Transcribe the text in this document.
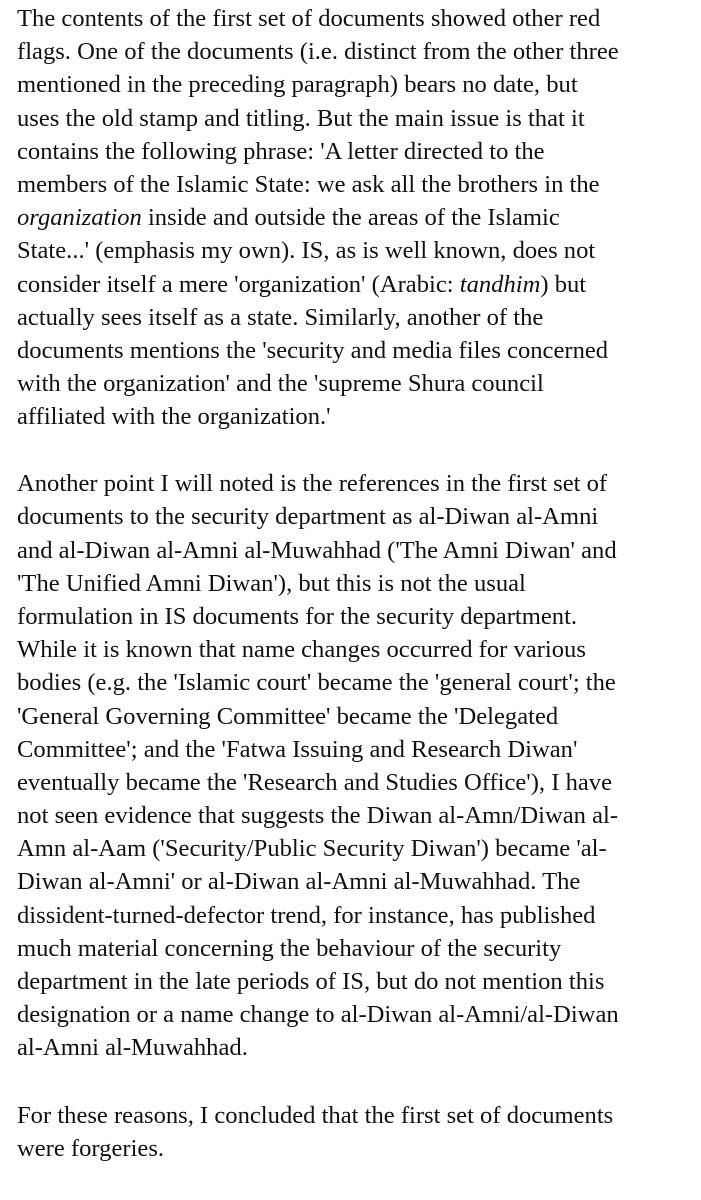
The contents of the first set of documents showed other red
flags. One of the documents (i.e. distinct from the other three
mentioned in the preceding paragraph) bears no date, but
uses the old stamp and titling. But the main issue is that it
contains the following phrase: 'A letter directed to the
members of the Islamic State: we ask all the brothers in the
organization inside and outside the areas of the Islamic
State...' (emphasis my own). IS, as is well known, does not
consider itself a mere 'organization' (Arabic: tandhim) but
actually sees itself as a state. Similarly, another of the
documents mentions the 'security and media files concerned
with the organization' and the 'supreme Shura council
affiliated with the organization.'
Another point I will noted is the references in the first set of
documents to the security department as al-Diwan al-Amni
and al-Diwan al-Amni al-Muwahhad ('The Amni Diwan' and
'The Unified Amni Diwan'), but this is not the usual
formulation in IS documents for the security department.
While it is known that name changes occurred for various
bodies (e.g. the 'Islamic court' became the 'general court'; the
'General Governing Committee' became the 'Delegated
Committee'; and the 'Fatwa Issuing and Research Diwan'
eventually became the 'Research and Studies Office'), I have
not seen evidence that suggests the Diwan al-Amn/Diwan al-
Amn al-Aam ('Security/Public Security Diwan') became 'al-
Diwan al-Amni' or al-Diwan al-Amni al-Muwahhad. The
dissident-turned-defector trend, for instance, has published
much material concerning the behaviour of the security
department in the late periods of IS, but do not mention this
designation or a name change to al-Diwan al-Amni/al-Diwan
al-Amni al-Muwahhad.
For these reasons, I concluded that the first set of documents
were forgeries.
